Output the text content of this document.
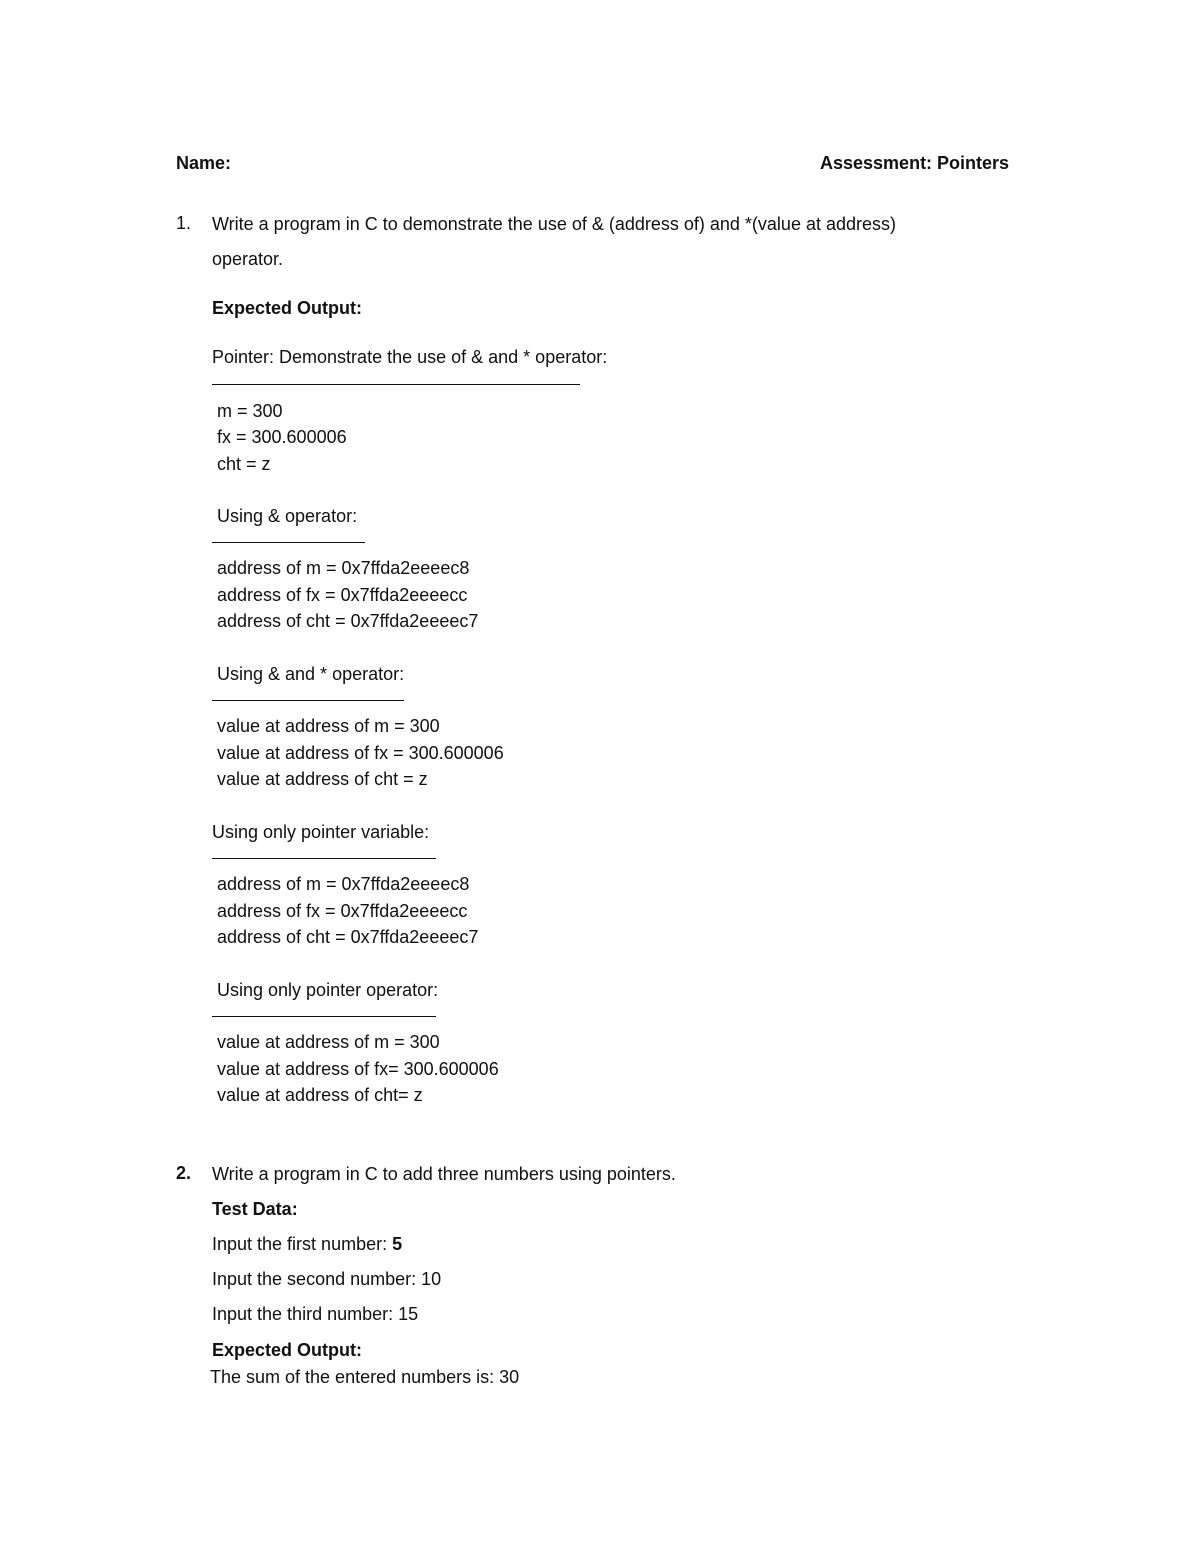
Name:	Assessment: Pointers
1. Write a program in C to demonstrate the use of & (address of) and *(value at address)
operator.
Expected Output:
Pointer: Demonstrate the use of & and * operator:
m = 300
fx = 300.600006
cht = z
Using & operator:
address of m = 0x7ffda2eeeec8
address of fx = 0x7ffda2eeeecc
address of cht = 0x7ffda2eeeec7
Using & and * operator:
value at address of m = 300
value at address of fx = 300.600006
value at address of cht = z
Using only pointer variable:
address of m = 0x7ffda2eeeec8
address of fx = 0x7ffda2eeeecc
address of cht = 0x7ffda2eeeec7
Using only pointer operator:
value at address of m = 300
value at address of fx= 300.600006
value at address of cht= z
2. Write a program in C to add three numbers using pointers.
Test Data:
Input the first number: 5
Input the second number: 10
Input the third number: 15
Expected Output:
The sum of the entered numbers is: 30
